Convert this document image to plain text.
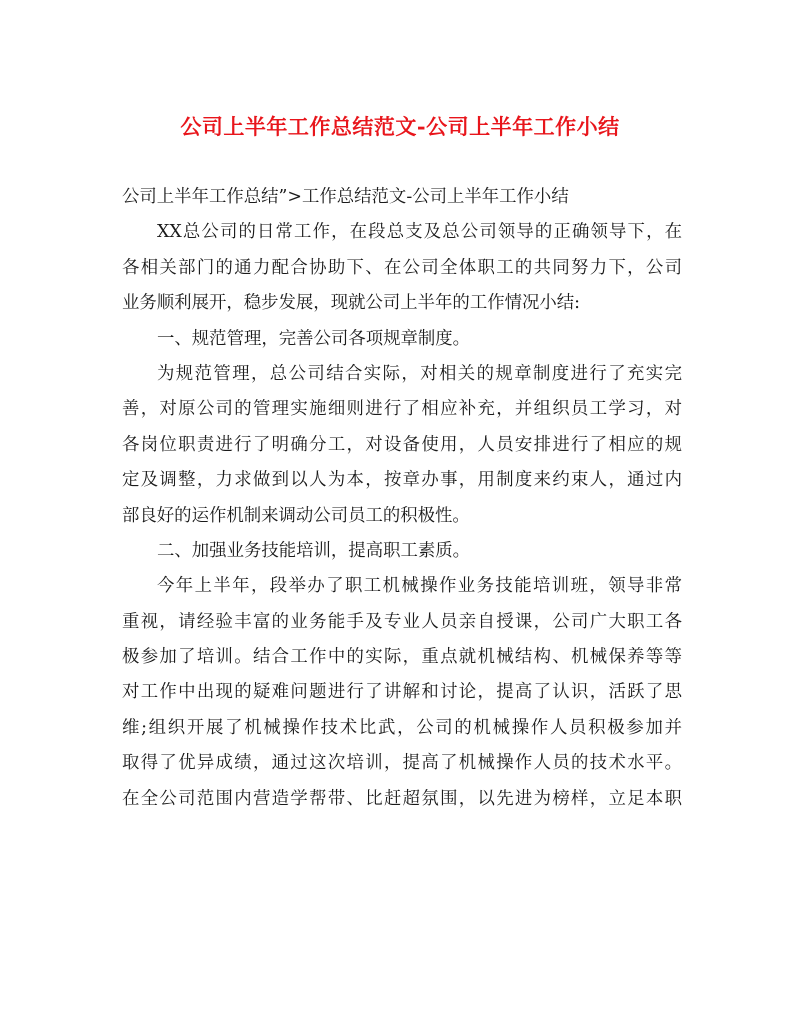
公司上半年工作总结范文-公司上半年工作小结
公司上半年工作总结”>工作总结范文-公司上半年工作小结
XX总公司的日常工作，在段总支及总公司领导的正确领导下，在
各相关部门的通力配合协助下、在公司全体职工的共同努力下，公司
业务顺利展开，稳步发展，现就公司上半年的工作情况小结:
一、规范管理，完善公司各项规章制度。
为规范管理，总公司结合实际，对相关的规章制度进行了充实完
善，对原公司的管理实施细则进行了相应补充，并组织员工学习，对
各岗位职责进行了明确分工，对设备使用，人员安排进行了相应的规
定及调整，力求做到以人为本，按章办事，用制度来约束人，通过内
部良好的运作机制来调动公司员工的积极性。
二、加强业务技能培训，提高职工素质。
今年上半年，段举办了职工机械操作业务技能培训班，领导非常
重视，请经验丰富的业务能手及专业人员亲自授课，公司广大职工各
极参加了培训。结合工作中的实际，重点就机械结构、机械保养等等
对工作中出现的疑难问题进行了讲解和讨论，提高了认识，活跃了思
维;组织开展了机械操作技术比武，公司的机械操作人员积极参加并
取得了优异成绩，通过这次培训，提高了机械操作人员的技术水平。
在全公司范围内营造学帮带、比赶超氛围，以先进为榜样，立足本职
